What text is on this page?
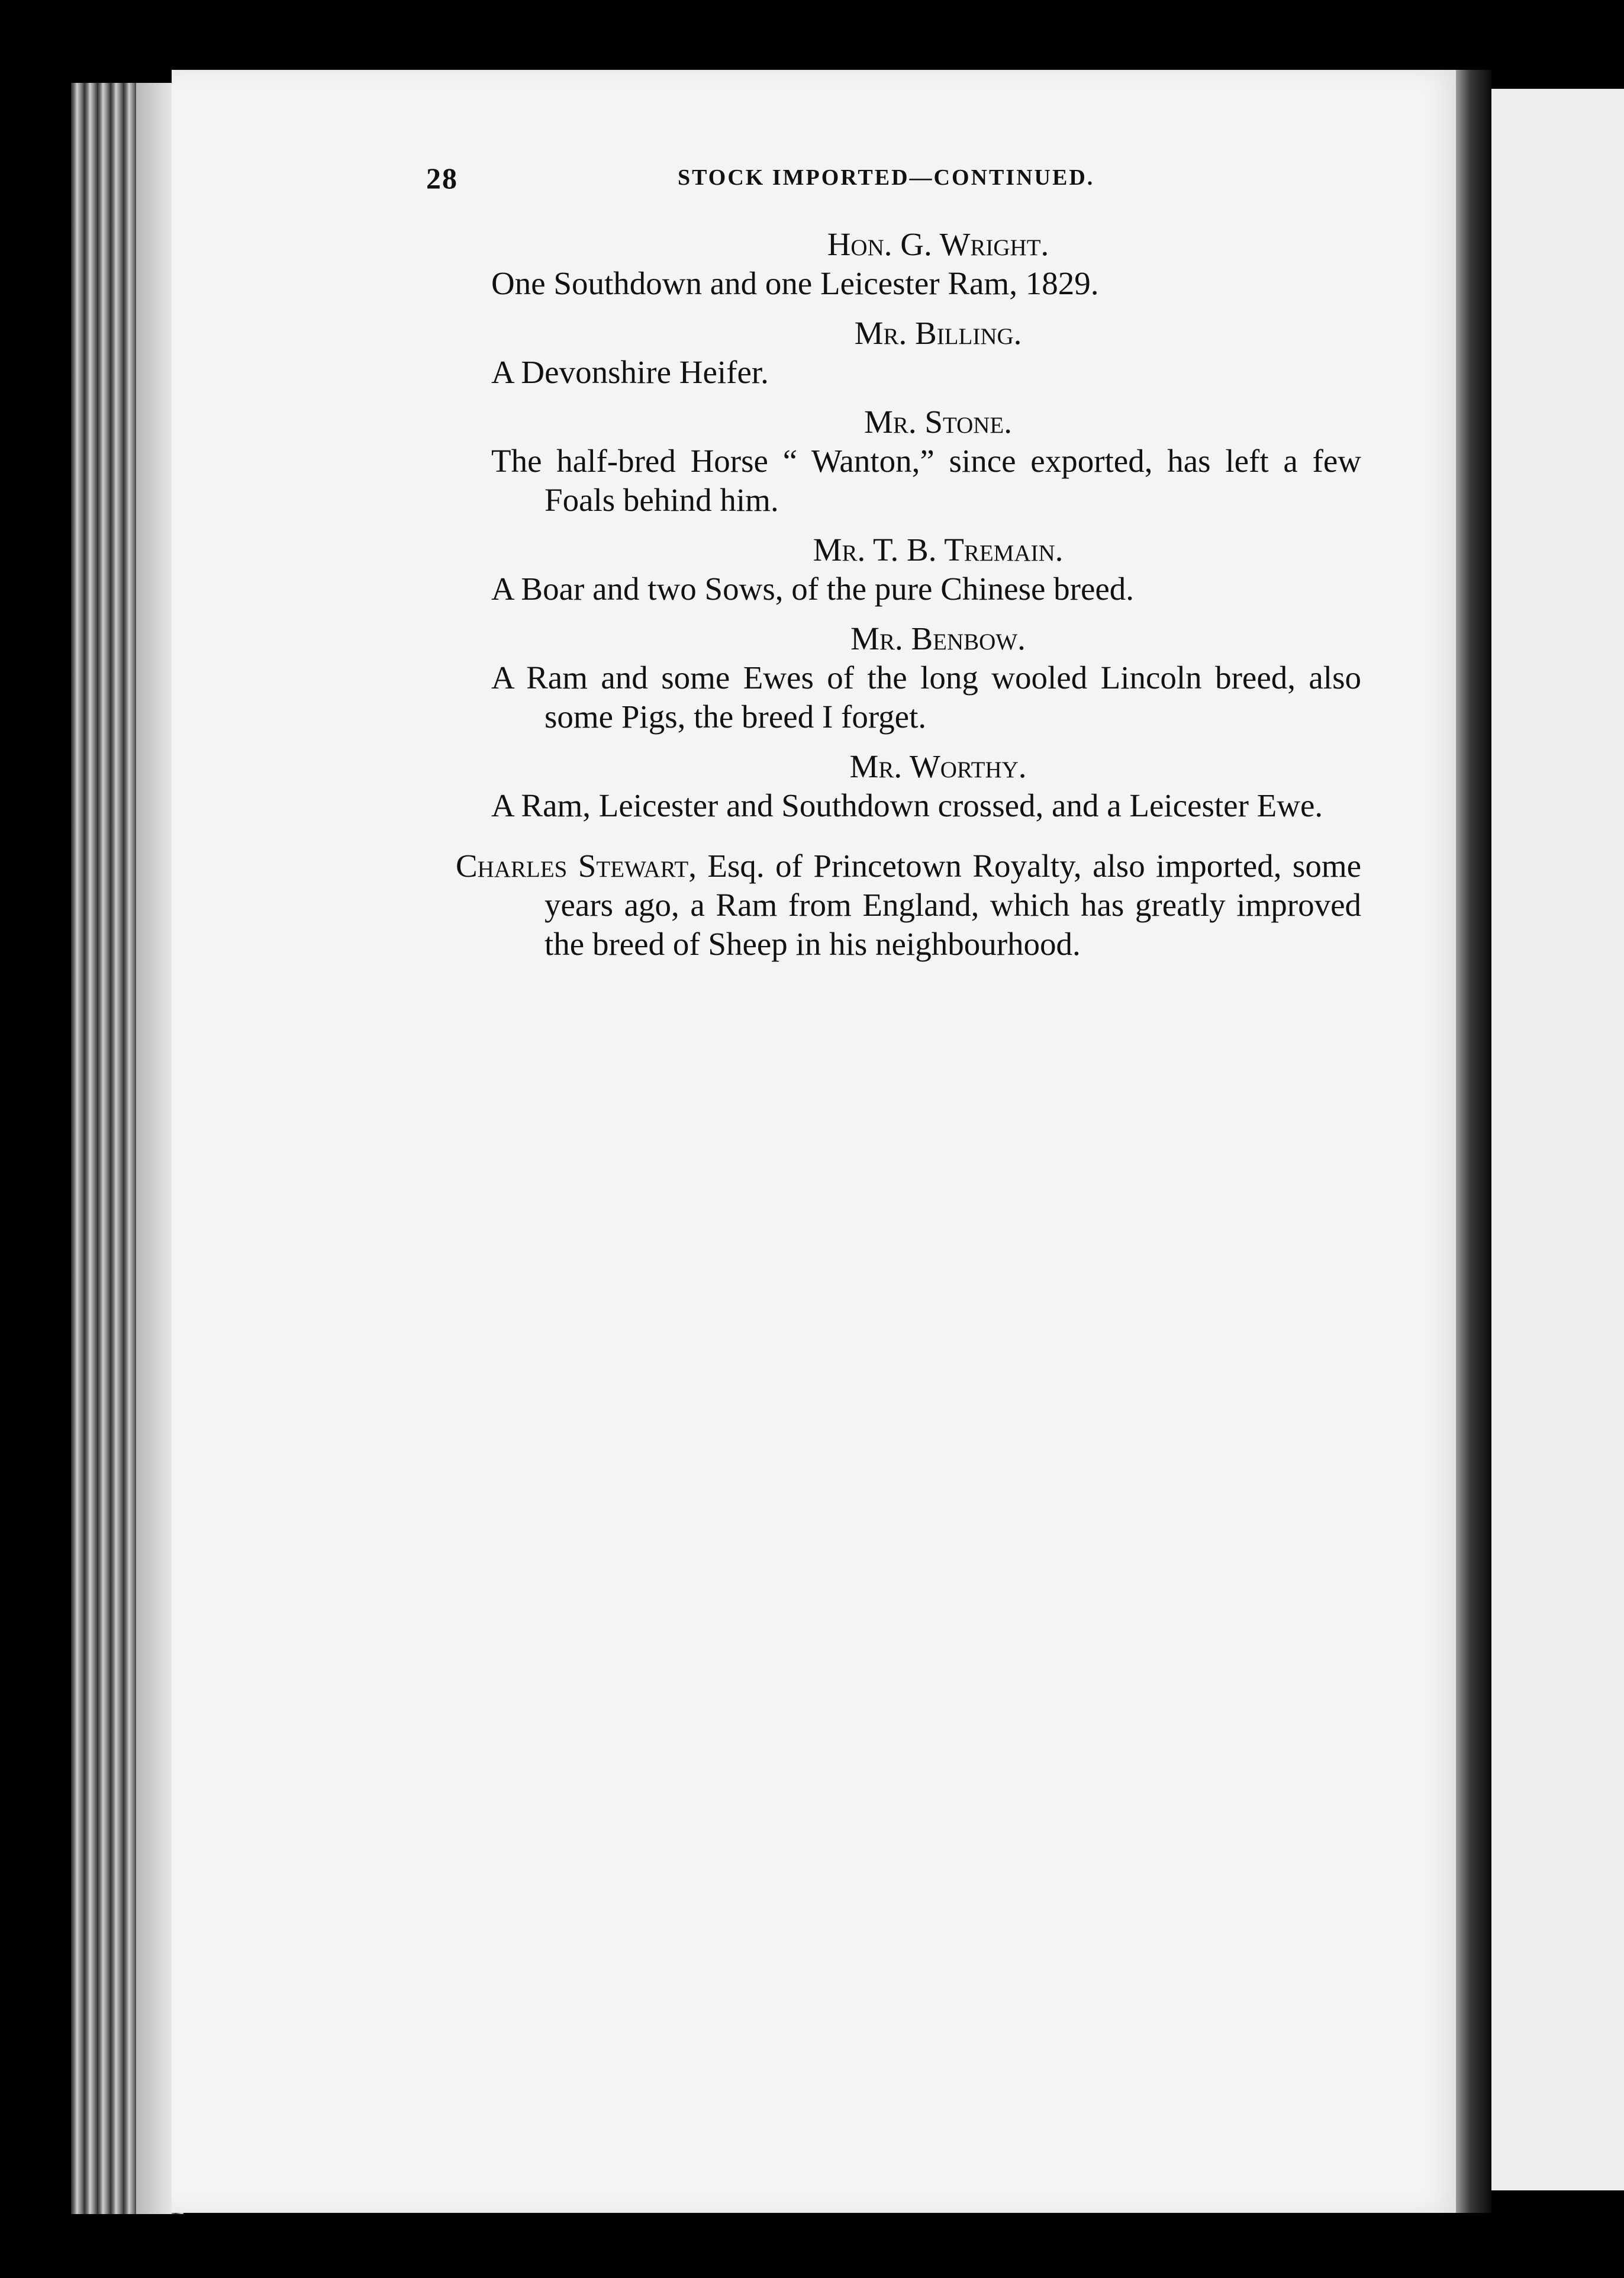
28	STOCK IMPORTED—CONTINUED.

Hon. G. Wright.

One Southdown and one Leicester Ram, 1829.

Mr. Billing.

A Devonshire Heifer.

Mr. Stone.

The half-bred Horse “ Wanton,” since exported, has left a few Foals behind him.

Mr. T. B. Tremain.

A Boar and two Sows, of the pure Chinese breed.

Mr. Benbow.

A Ram and some Ewes of the long wooled Lincoln breed, also some Pigs, the breed I forget.

Mr. Worthy.

A Ram, Leicester and Southdown crossed, and a Leicester Ewe.

Charles Stewart, Esq. of Princetown Royalty, also imported, some years ago, a Ram from England, which has greatly improved the breed of Sheep in his neighbourhood.
